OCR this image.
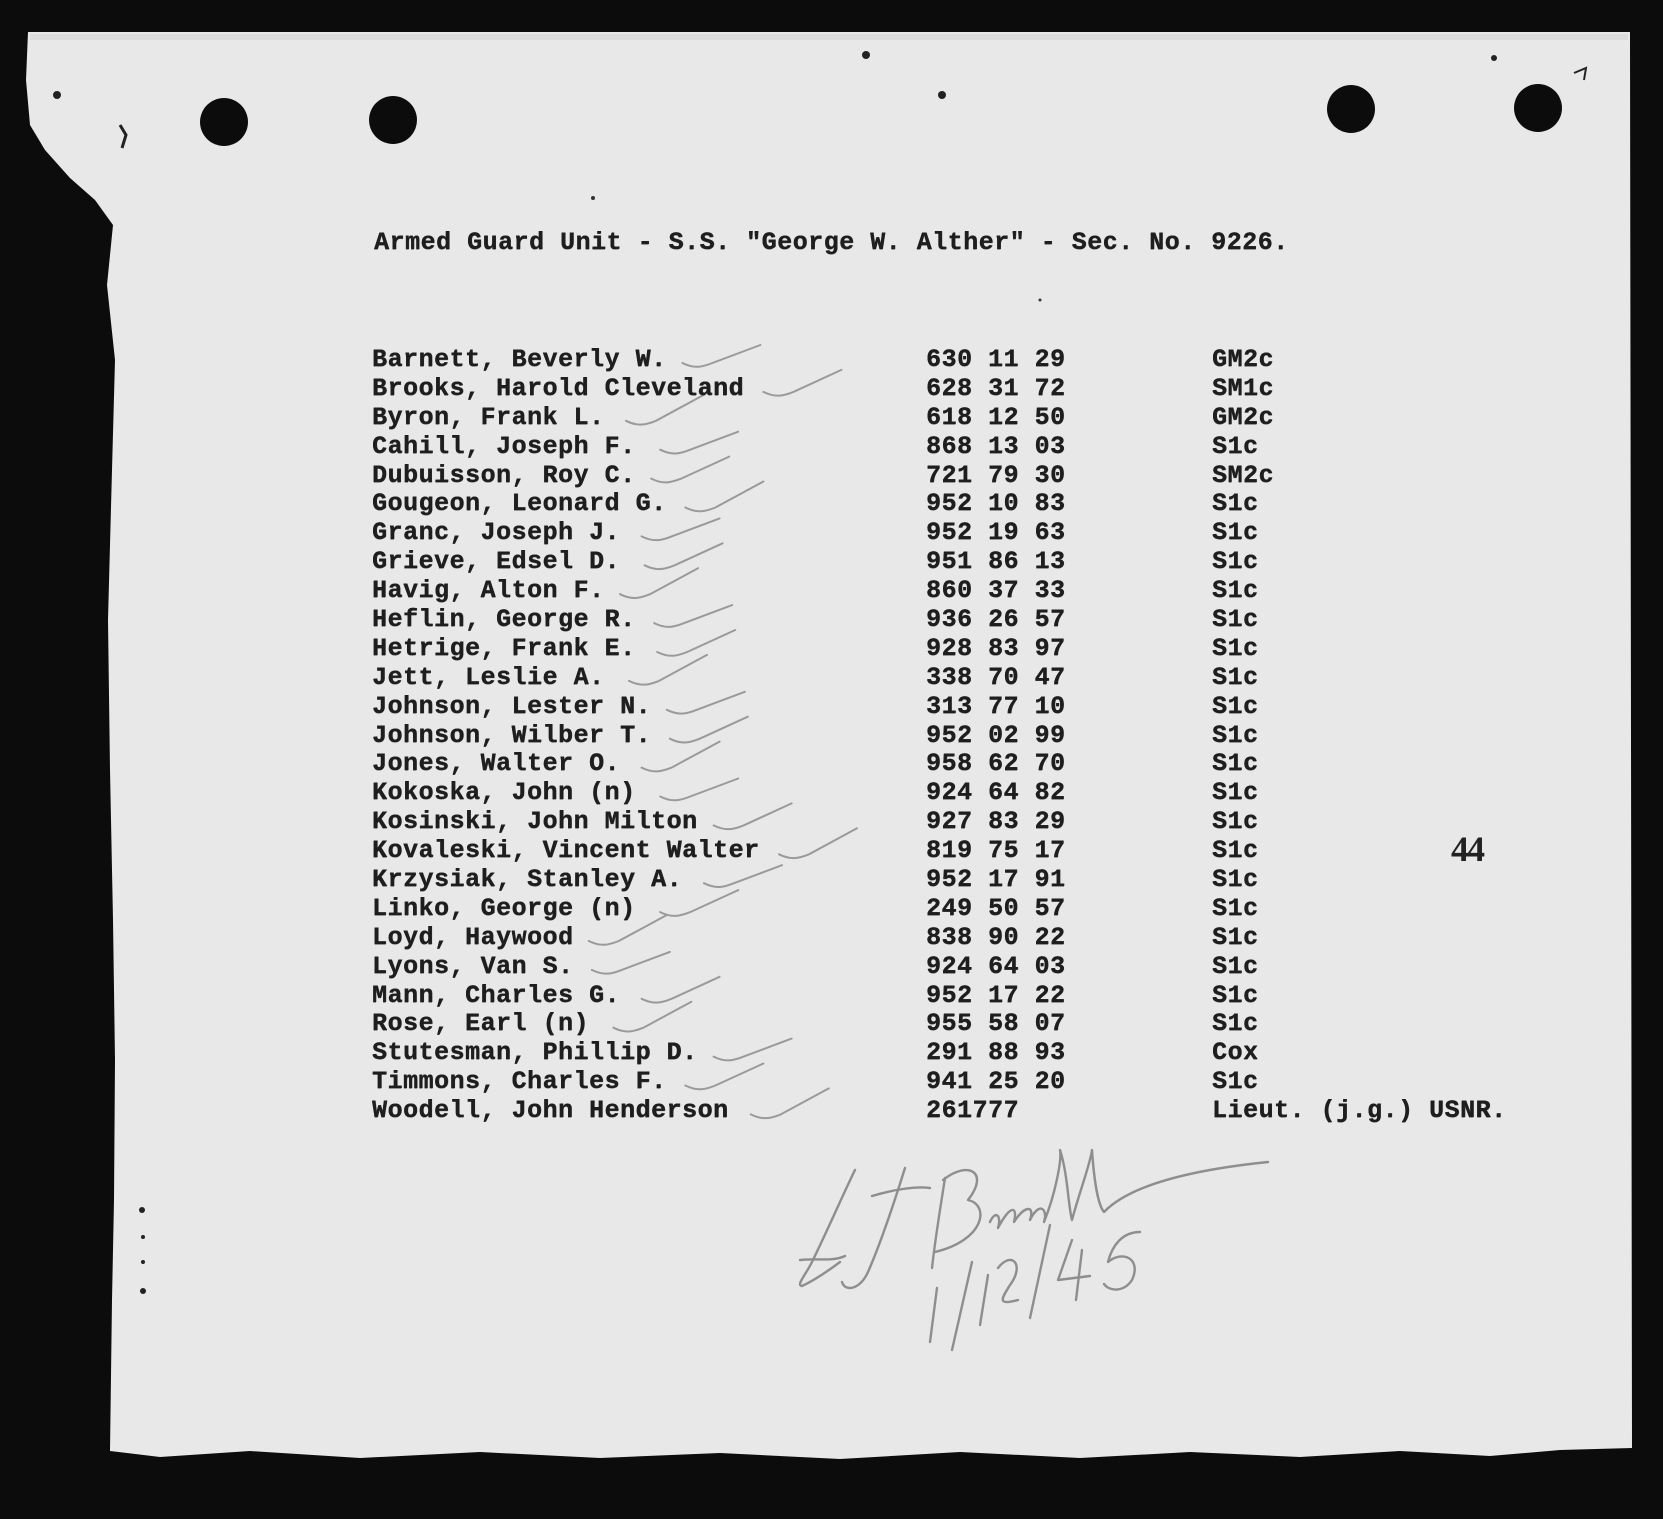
Armed Guard Unit - S.S. "George W. Alther" - Sec. No. 9226.
Barnett, Beverly W.	630 11 29	GM2c
Brooks, Harold Cleveland	628 31 72	SM1c
Byron, Frank L.	618 12 50	GM2c
Cahill, Joseph F.	868 13 03	S1c
Dubuisson, Roy C.	721 79 30	SM2c
Gougeon, Leonard G.	952 10 83	S1c
Granc, Joseph J.	952 19 63	S1c
Grieve, Edsel D.	951 86 13	S1c
Havig, Alton F.	860 37 33	S1c
Heflin, George R.	936 26 57	S1c
Hetrige, Frank E.	928 83 97	S1c
Jett, Leslie A.	338 70 47	S1c
Johnson, Lester N.	313 77 10	S1c
Johnson, Wilber T.	952 02 99	S1c
Jones, Walter O.	958 62 70	S1c
Kokoska, John (n)	924 64 82	S1c
Kosinski, John Milton	927 83 29	S1c
Kovaleski, Vincent Walter	819 75 17	S1c
Krzysiak, Stanley A.	952 17 91	S1c
Linko, George (n)	249 50 57	S1c
Loyd, Haywood	838 90 22	S1c
Lyons, Van S.	924 64 03	S1c
Mann, Charles G.	952 17 22	S1c
Rose, Earl (n)	955 58 07	S1c
Stutesman, Phillip D.	291 88 93	Cox
Timmons, Charles F.	941 25 20	S1c
Woodell, John Henderson	261777	Lieut. (j.g.) USNR.
44
